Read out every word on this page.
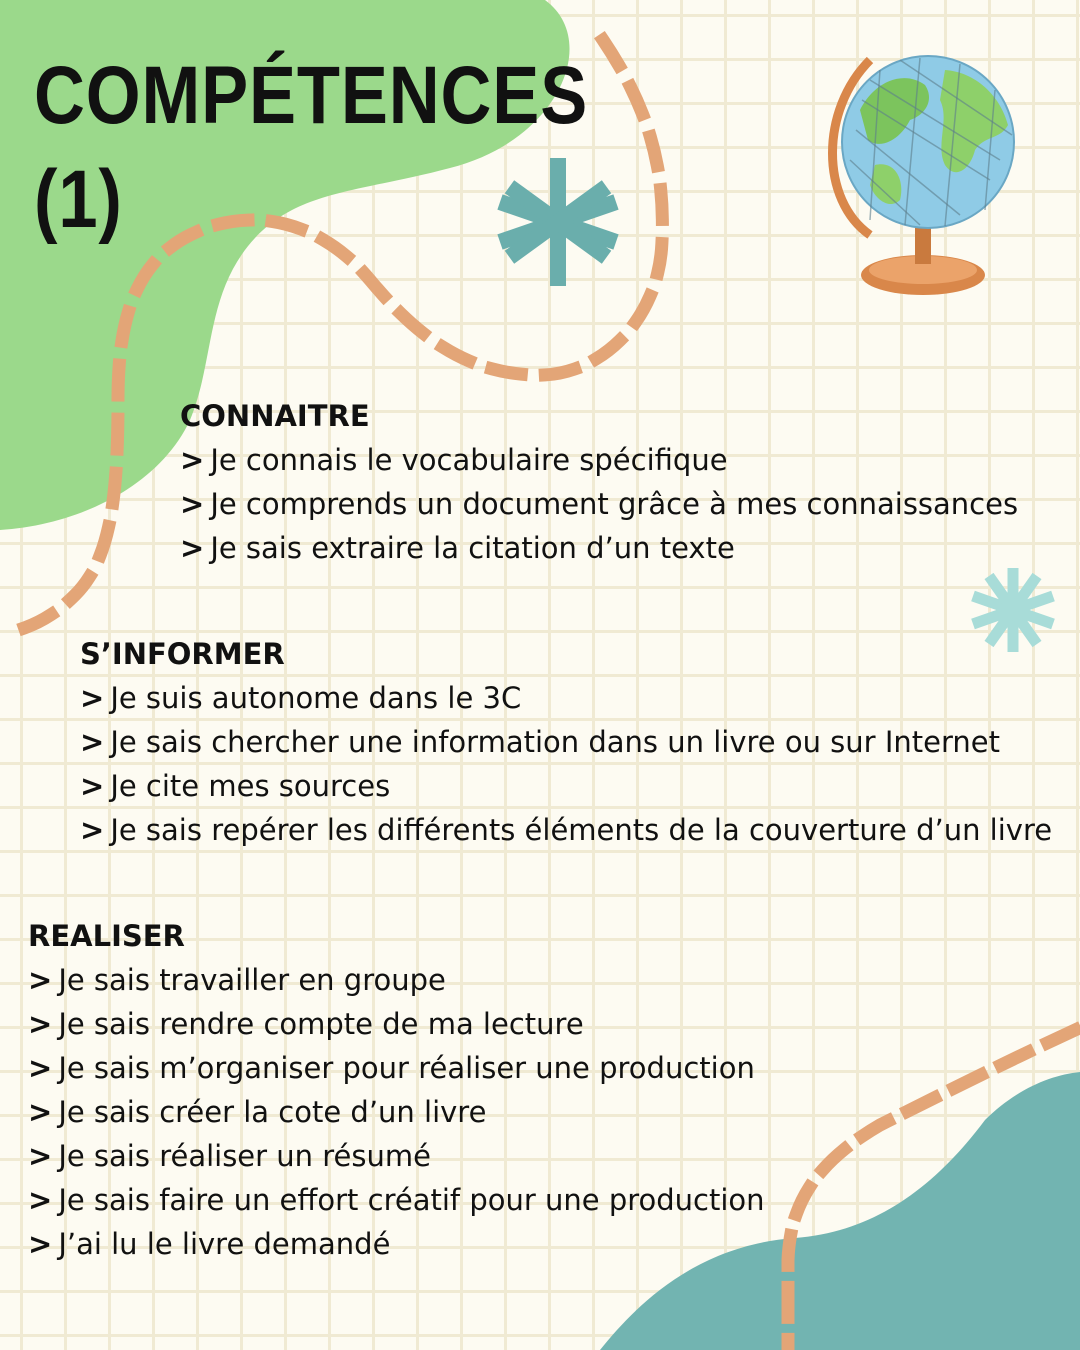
COMPÉTENCES
(1)
CONNAITRE
> Je connais le vocabulaire spécifique
> Je comprends un document grâce à mes connaissances
> Je sais extraire la citation d’un texte
S’INFORMER
> Je suis autonome dans le 3C
> Je sais chercher une information dans un livre ou sur Internet
> Je cite mes sources
> Je sais repérer les différents éléments de la couverture d’un livre
REALISER
> Je sais travailler en groupe
> Je sais rendre compte de ma lecture
> Je sais m’organiser pour réaliser une production
> Je sais créer la cote d’un livre
> Je sais réaliser un résumé
> Je sais faire un effort créatif pour une production
> J’ai lu le livre demandé
